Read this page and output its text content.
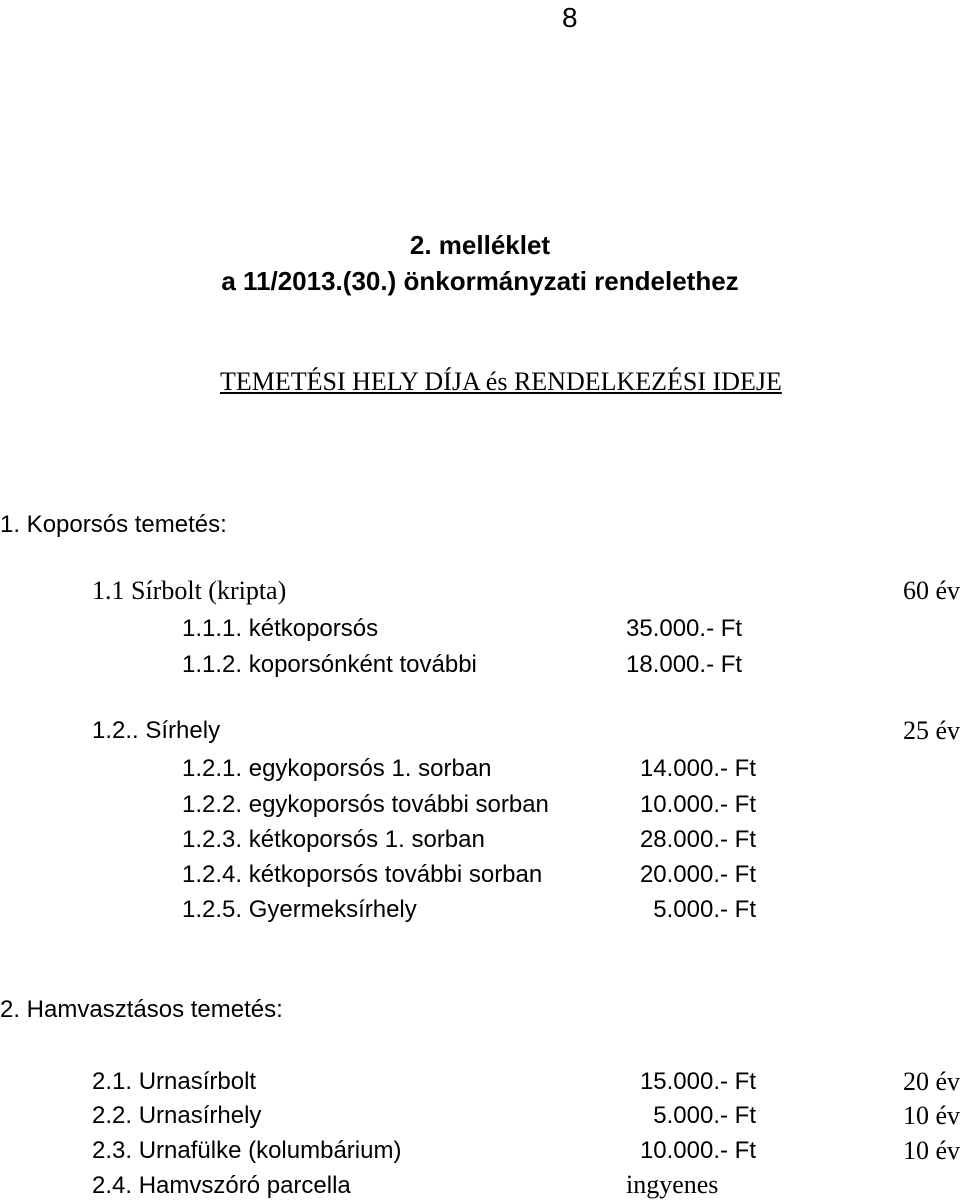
8
2. melléklet
a 11/2013.(30.) önkormányzati rendelethez
TEMETÉSI HELY DÍJA és RENDELKEZÉSI IDEJE
1. Koporsós temetés:
1.1 Sírbolt (kripta)	60 év
1.1.1. kétkoporsós	35.000.- Ft
1.1.2. koporsónként további	18.000.- Ft
1.2.. Sírhely	25 év
1.2.1. egykoporsós 1. sorban	14.000.- Ft
1.2.2. egykoporsós további sorban	10.000.- Ft
1.2.3. kétkoporsós 1. sorban	28.000.- Ft
1.2.4. kétkoporsós további sorban	20.000.- Ft
1.2.5. Gyermeksírhely	5.000.- Ft
2. Hamvasztásos temetés:
2.1. Urnasírbolt	15.000.- Ft	20 év
2.2. Urnasírhely	5.000.- Ft	10 év
2.3. Urnafülke (kolumbárium)	10.000.- Ft	10 év
2.4. Hamvszóró parcella	ingyenes
